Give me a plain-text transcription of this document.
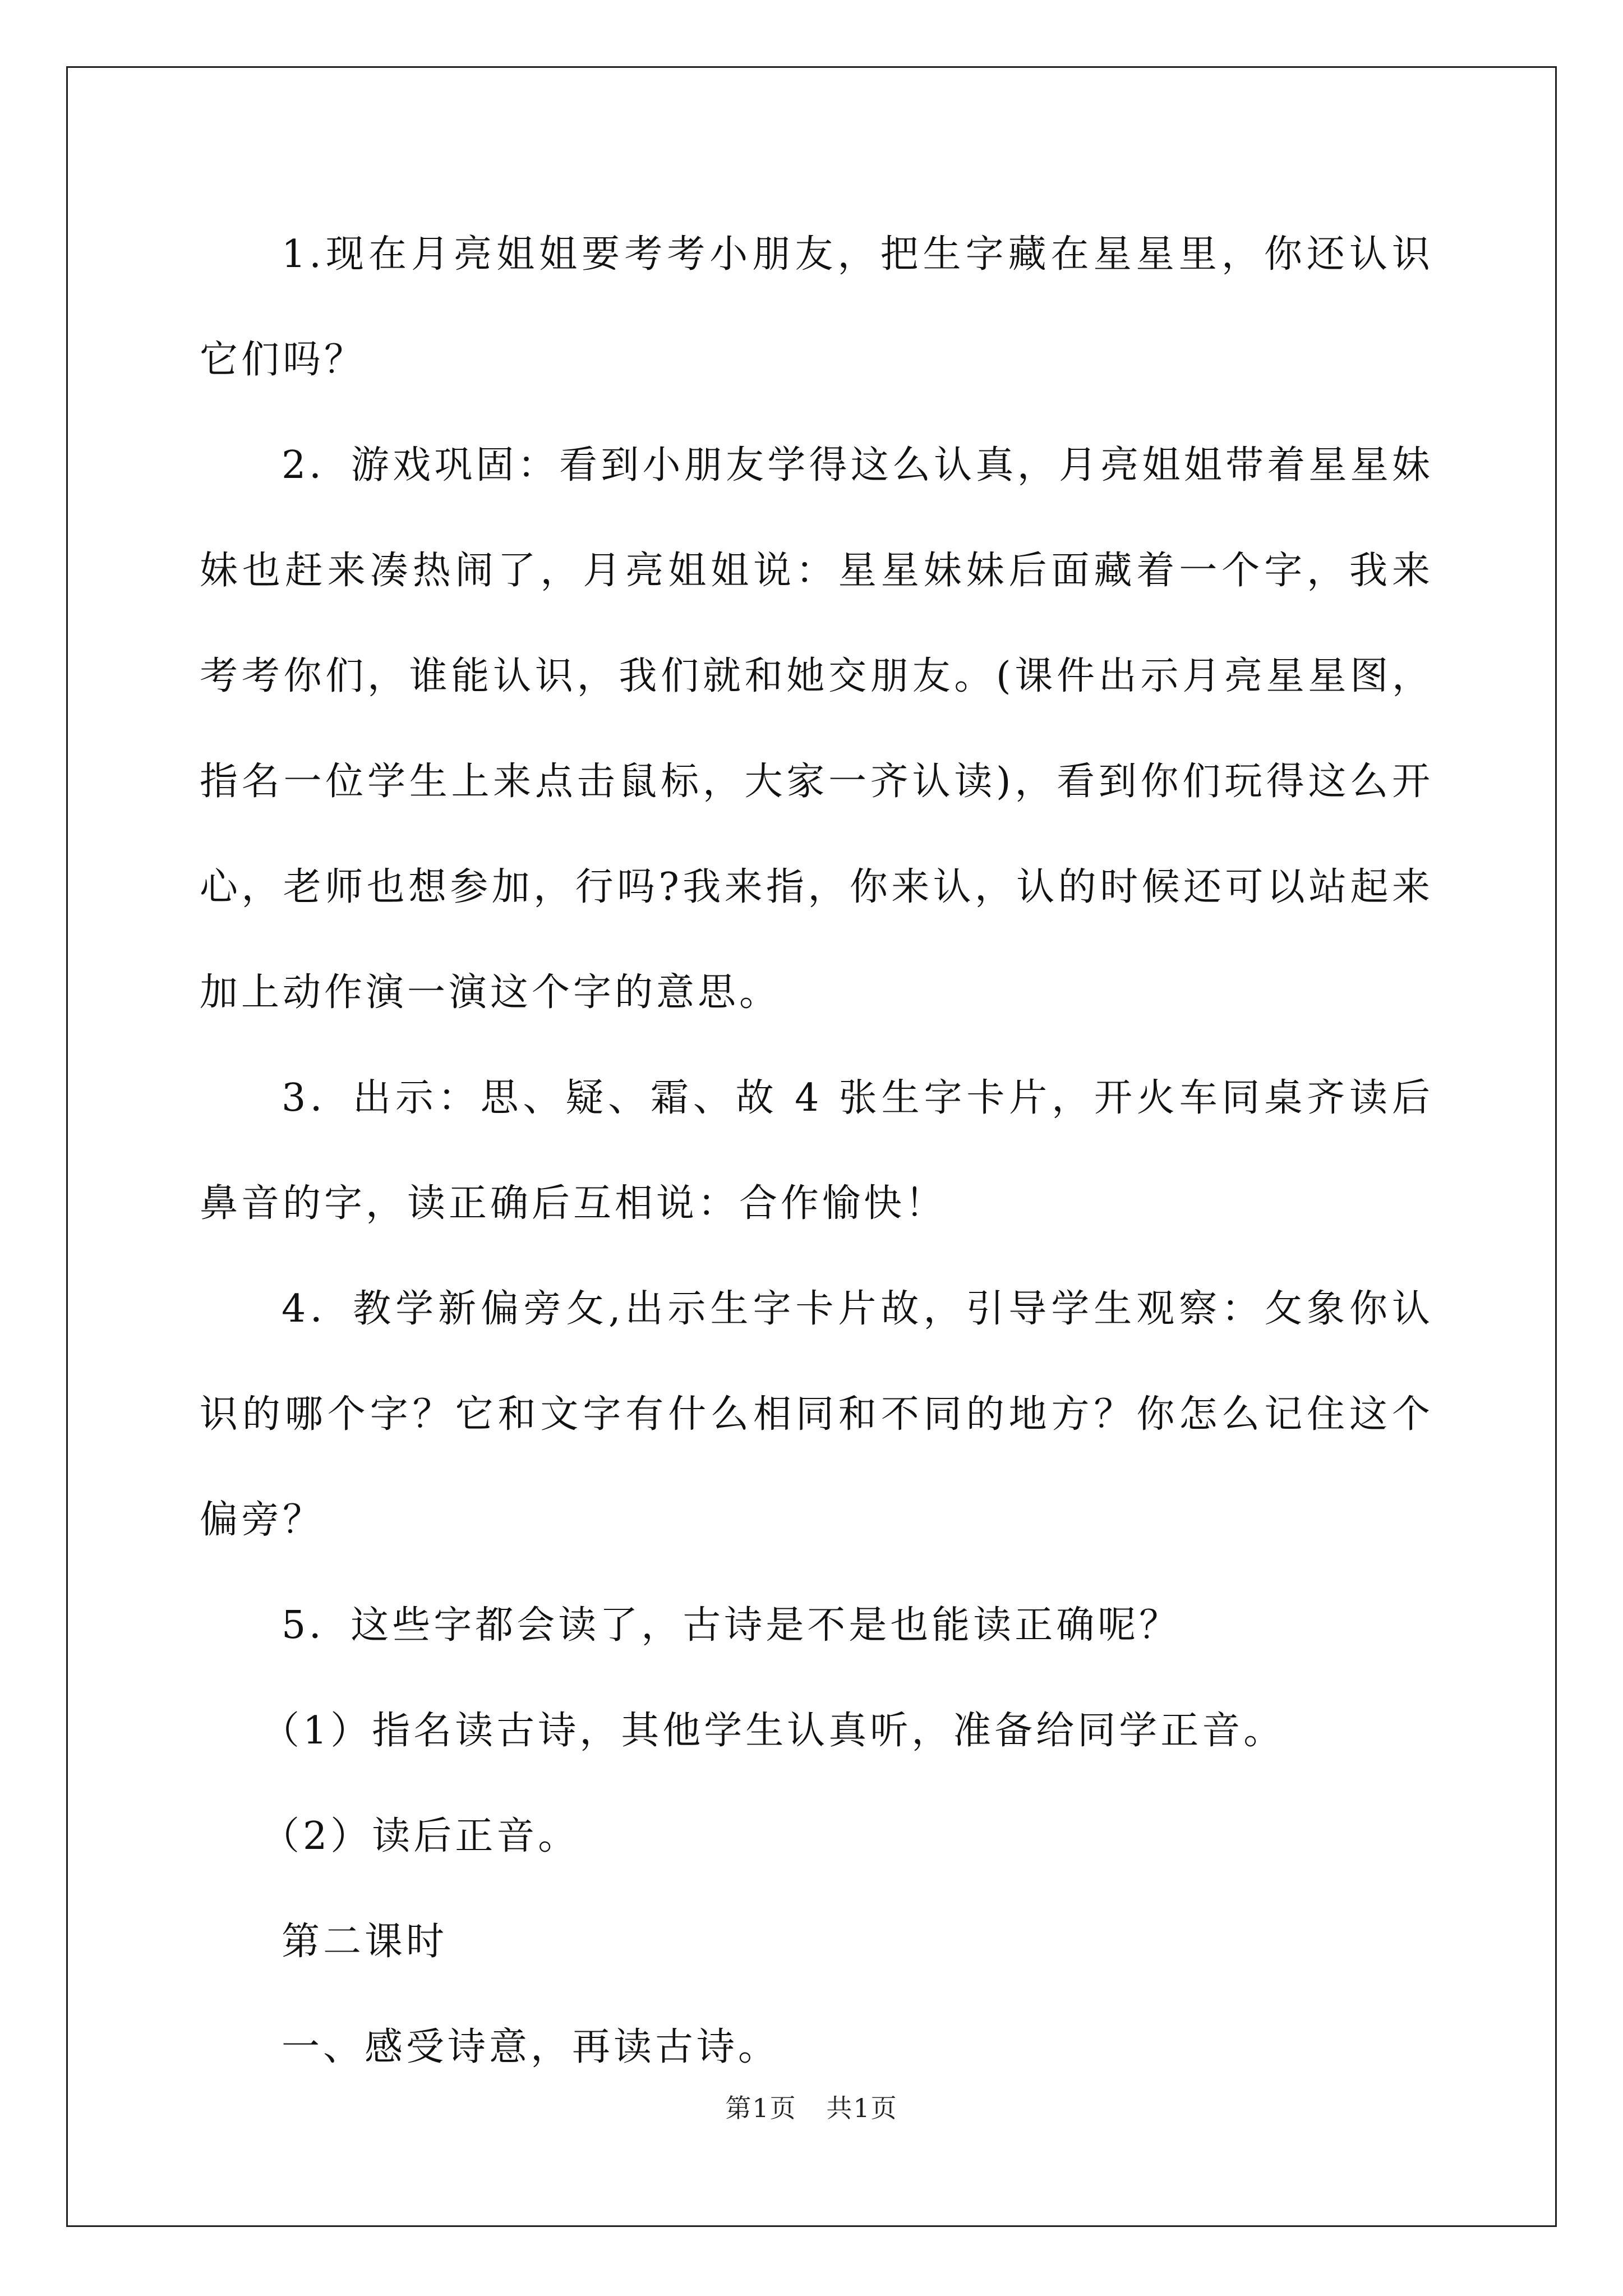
1.现在月亮姐姐要考考小朋友，把生字藏在星星里，你还认识它们吗？

2．游戏巩固：看到小朋友学得这么认真，月亮姐姐带着星星妹妹也赶来凑热闹了，月亮姐姐说：星星妹妹后面藏着一个字，我来考考你们，谁能认识，我们就和她交朋友。(课件出示月亮星星图，指名一位学生上来点击鼠标，大家一齐认读)，看到你们玩得这么开心，老师也想参加，行吗?我来指，你来认，认的时候还可以站起来加上动作演一演这个字的意思。

3．出示：思、疑、霜、故 4 张生字卡片，开火车同桌齐读后鼻音的字，读正确后互相说：合作愉快！

4．教学新偏旁攵,出示生字卡片故，引导学生观察：攵象你认识的哪个字？它和文字有什么相同和不同的地方？你怎么记住这个偏旁？

5．这些字都会读了，古诗是不是也能读正确呢？

（1）指名读古诗，其他学生认真听，准备给同学正音。

（2）读后正音。

第二课时

一、感受诗意，再读古诗。

第1页 共1页
